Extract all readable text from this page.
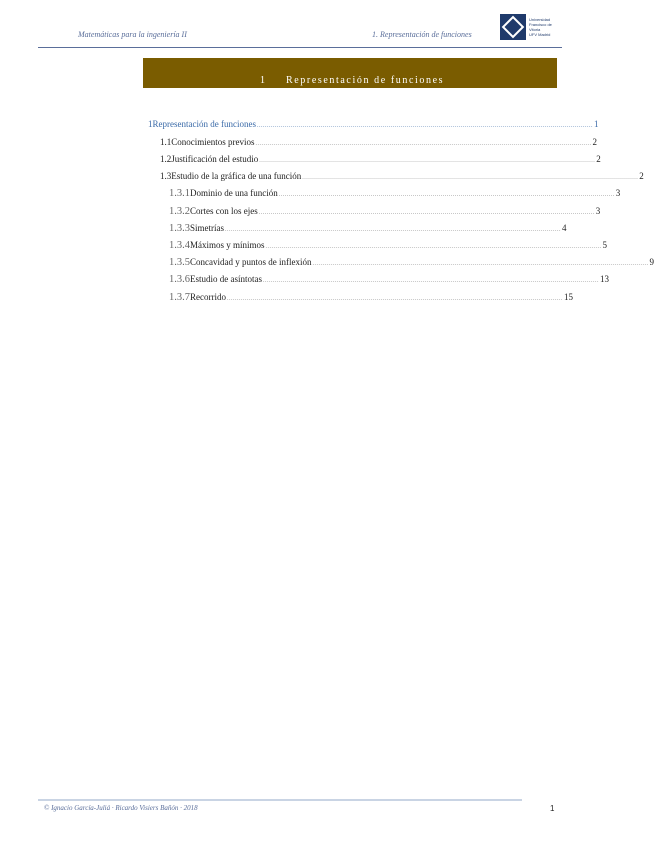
Matemáticas para la ingeniería II	1. Representación de funciones
Universidad
Francisco de
Vitoria
UFV Madrid
1 Representación de funciones
1 Representación de funciones ........................................................................................................................................................................ 1
1.1 Conocimientos previos ........................................................................................................................................................................ 2
1.2 Justificación del estudio ........................................................................................................................................................................ 2
1.3 Estudio de la gráfica de una función ........................................................................................................................................................................ 2
1.3.1 Dominio de una función ........................................................................................................................................................................ 3
1.3.2 Cortes con los ejes ........................................................................................................................................................................ 3
1.3.3 Simetrías ........................................................................................................................................................................ 4
1.3.4 Máximos y mínimos ........................................................................................................................................................................ 5
1.3.5 Concavidad y puntos de inflexión ........................................................................................................................................................................ 9
1.3.6 Estudio de asíntotas ........................................................................................................................................................................ 13
1.3.7 Recorrido ........................................................................................................................................................................ 15
© Ignacio García-Juliá · Ricardo Visiers Bañón · 2018	1
